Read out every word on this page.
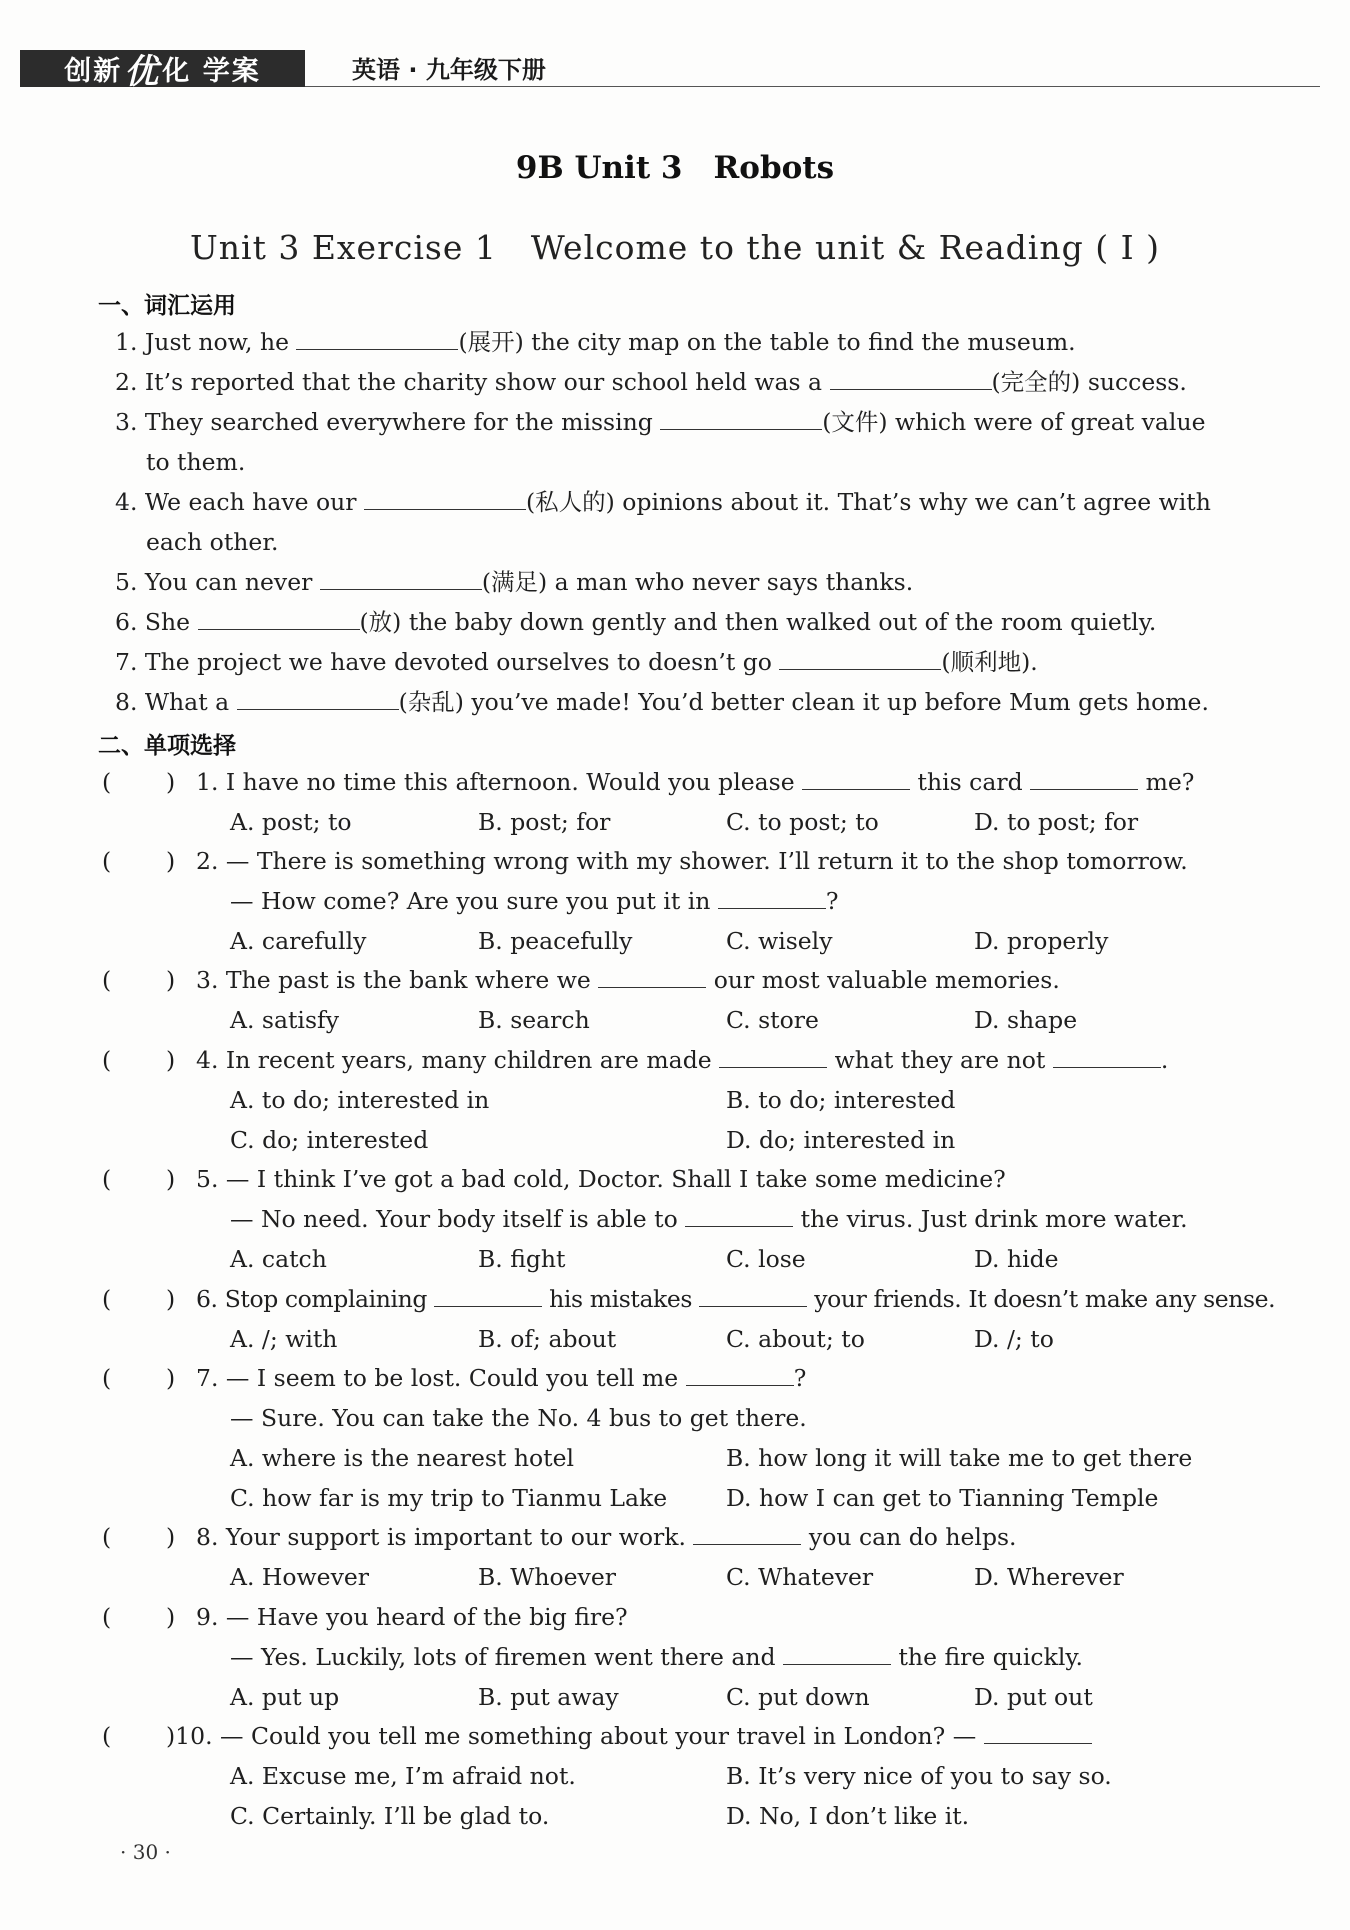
创新 优 化 学案	英语 · 九年级下册
9B Unit 3　Robots
Unit 3 Exercise 1　Welcome to the unit & Reading ( Ⅰ )
一、词汇运用
1. Just now, he	(展开) the city map on the table to find the museum.
2. It’s reported that the charity show our school held was a	(完全的) success.
3. They searched everywhere for the missing	(文件) which were of great value
to them.
4. We each have our	(私人的) opinions about it. That’s why we can’t agree with
each other.
5. You can never	(满足) a man who never says thanks.
6. She	(放) the baby down gently and then walked out of the room quietly.
7. The project we have devoted ourselves to doesn’t go	(顺利地).
8. What a	(杂乱) you’ve made! You’d better clean it up before Mum gets home.
二、单项选择
( ) 1. I have no time this afternoon. Would you please	this card	me?
A. post; to	B. post; for	C. to post; to	D. to post; for
( ) 2. — There is something wrong with my shower. I’ll return it to the shop tomorrow.
— How come? Are you sure you put it in	?
A. carefully	B. peacefully	C. wisely	D. properly
( ) 3. The past is the bank where we	our most valuable memories.
A. satisfy	B. search	C. store	D. shape
( ) 4. In recent years, many children are made	what they are not	.
A. to do; interested in	B. to do; interested
C. do; interested	D. do; interested in
( ) 5. — I think I’ve got a bad cold, Doctor. Shall I take some medicine?
— No need. Your body itself is able to	the virus. Just drink more water.
A. catch	B. fight	C. lose	D. hide
( ) 6. Stop complaining	his mistakes	your friends. It doesn’t make any sense.
A. /; with	B. of; about	C. about; to	D. /; to
( ) 7. — I seem to be lost. Could you tell me	?
— Sure. You can take the No. 4 bus to get there.
A. where is the nearest hotel	B. how long it will take me to get there
C. how far is my trip to Tianmu Lake	D. how I can get to Tianning Temple
( ) 8. Your support is important to our work.	you can do helps.
A. However	B. Whoever	C. Whatever	D. Wherever
( ) 9. — Have you heard of the big fire?
— Yes. Luckily, lots of firemen went there and	the fire quickly.
A. put up	B. put away	C. put down	D. put out
(	)10. — Could you tell me something about your travel in London? —
A. Excuse me, I’m afraid not.	B. It’s very nice of you to say so.
C. Certainly. I’ll be glad to.	D. No, I don’t like it.
· 30 ·
